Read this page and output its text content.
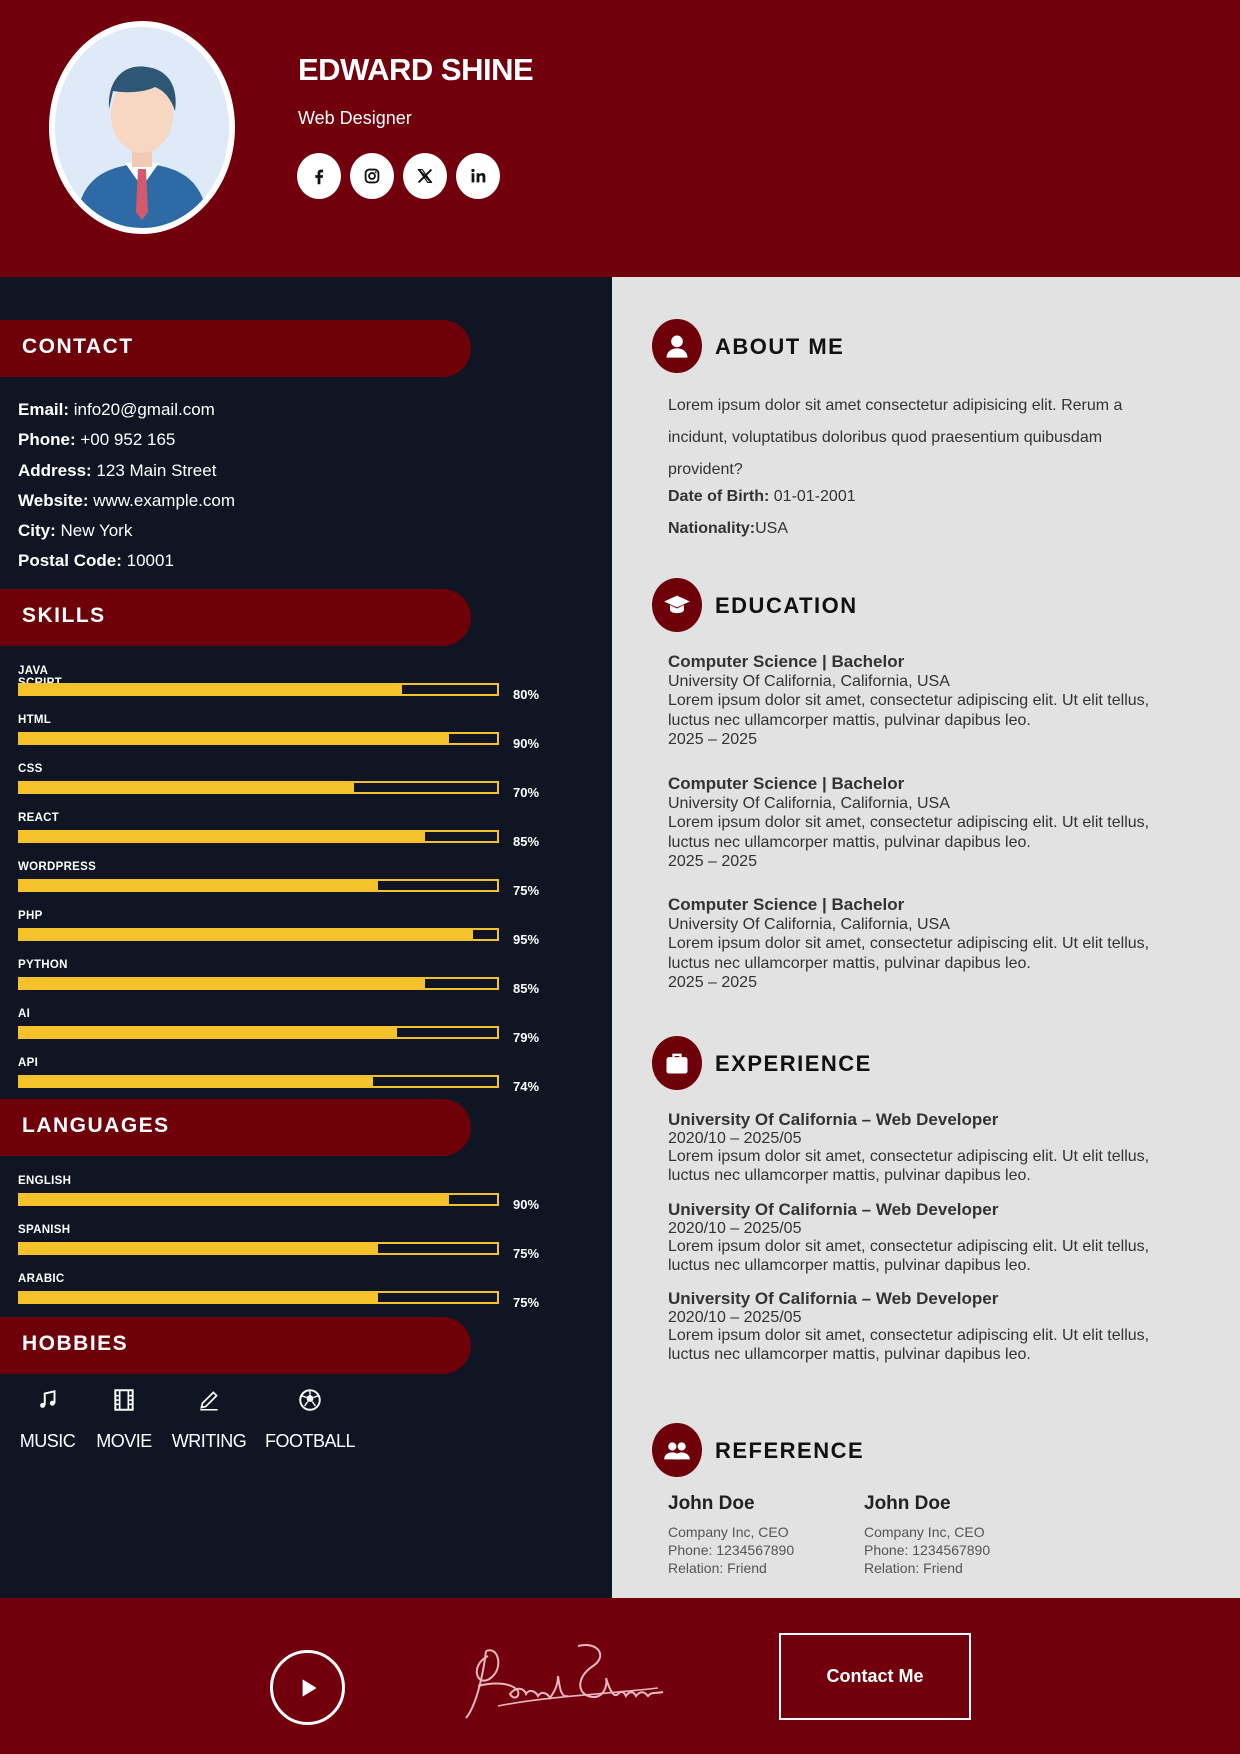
EDWARD SHINE
Web Designer
CONTACT
Email: info20@gmail.com
Phone: +00 952 165
Address: 123 Main Street
Website: www.example.com
City: New York
Postal Code: 10001
SKILLS
JAVA
80%
HTML
90%
CSS
70%
REACT
85%
WORDPRESS
75%
PHP
95%
PYTHON
85%
AI
79%
API
74%
LANGUAGES
ENGLISH
90%
SPANISH
75%
ARABIC
75%
HOBBIES
MUSIC MOVIE WRITING FOOTBALL
ABOUT ME
Lorem ipsum dolor sit amet consectetur adipisicing elit. Rerum a incidunt, voluptatibus doloribus quod praesentium quibusdam provident?
Date of Birth: 01-01-2001
Nationality:USA
EDUCATION
Computer Science | Bachelor
University Of California, California, USA
Lorem ipsum dolor sit amet, consectetur adipiscing elit. Ut elit tellus, luctus nec ullamcorper mattis, pulvinar dapibus leo.
2025 – 2025
Computer Science | Bachelor
University Of California, California, USA
Lorem ipsum dolor sit amet, consectetur adipiscing elit. Ut elit tellus, luctus nec ullamcorper mattis, pulvinar dapibus leo.
2025 – 2025
Computer Science | Bachelor
University Of California, California, USA
Lorem ipsum dolor sit amet, consectetur adipiscing elit. Ut elit tellus, luctus nec ullamcorper mattis, pulvinar dapibus leo.
2025 – 2025
EXPERIENCE
University Of California – Web Developer
2020/10 – 2025/05
Lorem ipsum dolor sit amet, consectetur adipiscing elit. Ut elit tellus, luctus nec ullamcorper mattis, pulvinar dapibus leo.
University Of California – Web Developer
2020/10 – 2025/05
Lorem ipsum dolor sit amet, consectetur adipiscing elit. Ut elit tellus, luctus nec ullamcorper mattis, pulvinar dapibus leo.
University Of California – Web Developer
2020/10 – 2025/05
Lorem ipsum dolor sit amet, consectetur adipiscing elit. Ut elit tellus, luctus nec ullamcorper mattis, pulvinar dapibus leo.
REFERENCE
John Doe
Company Inc, CEO
Phone: 1234567890
Relation: Friend
John Doe
Company Inc, CEO
Phone: 1234567890
Relation: Friend
Contact Me
